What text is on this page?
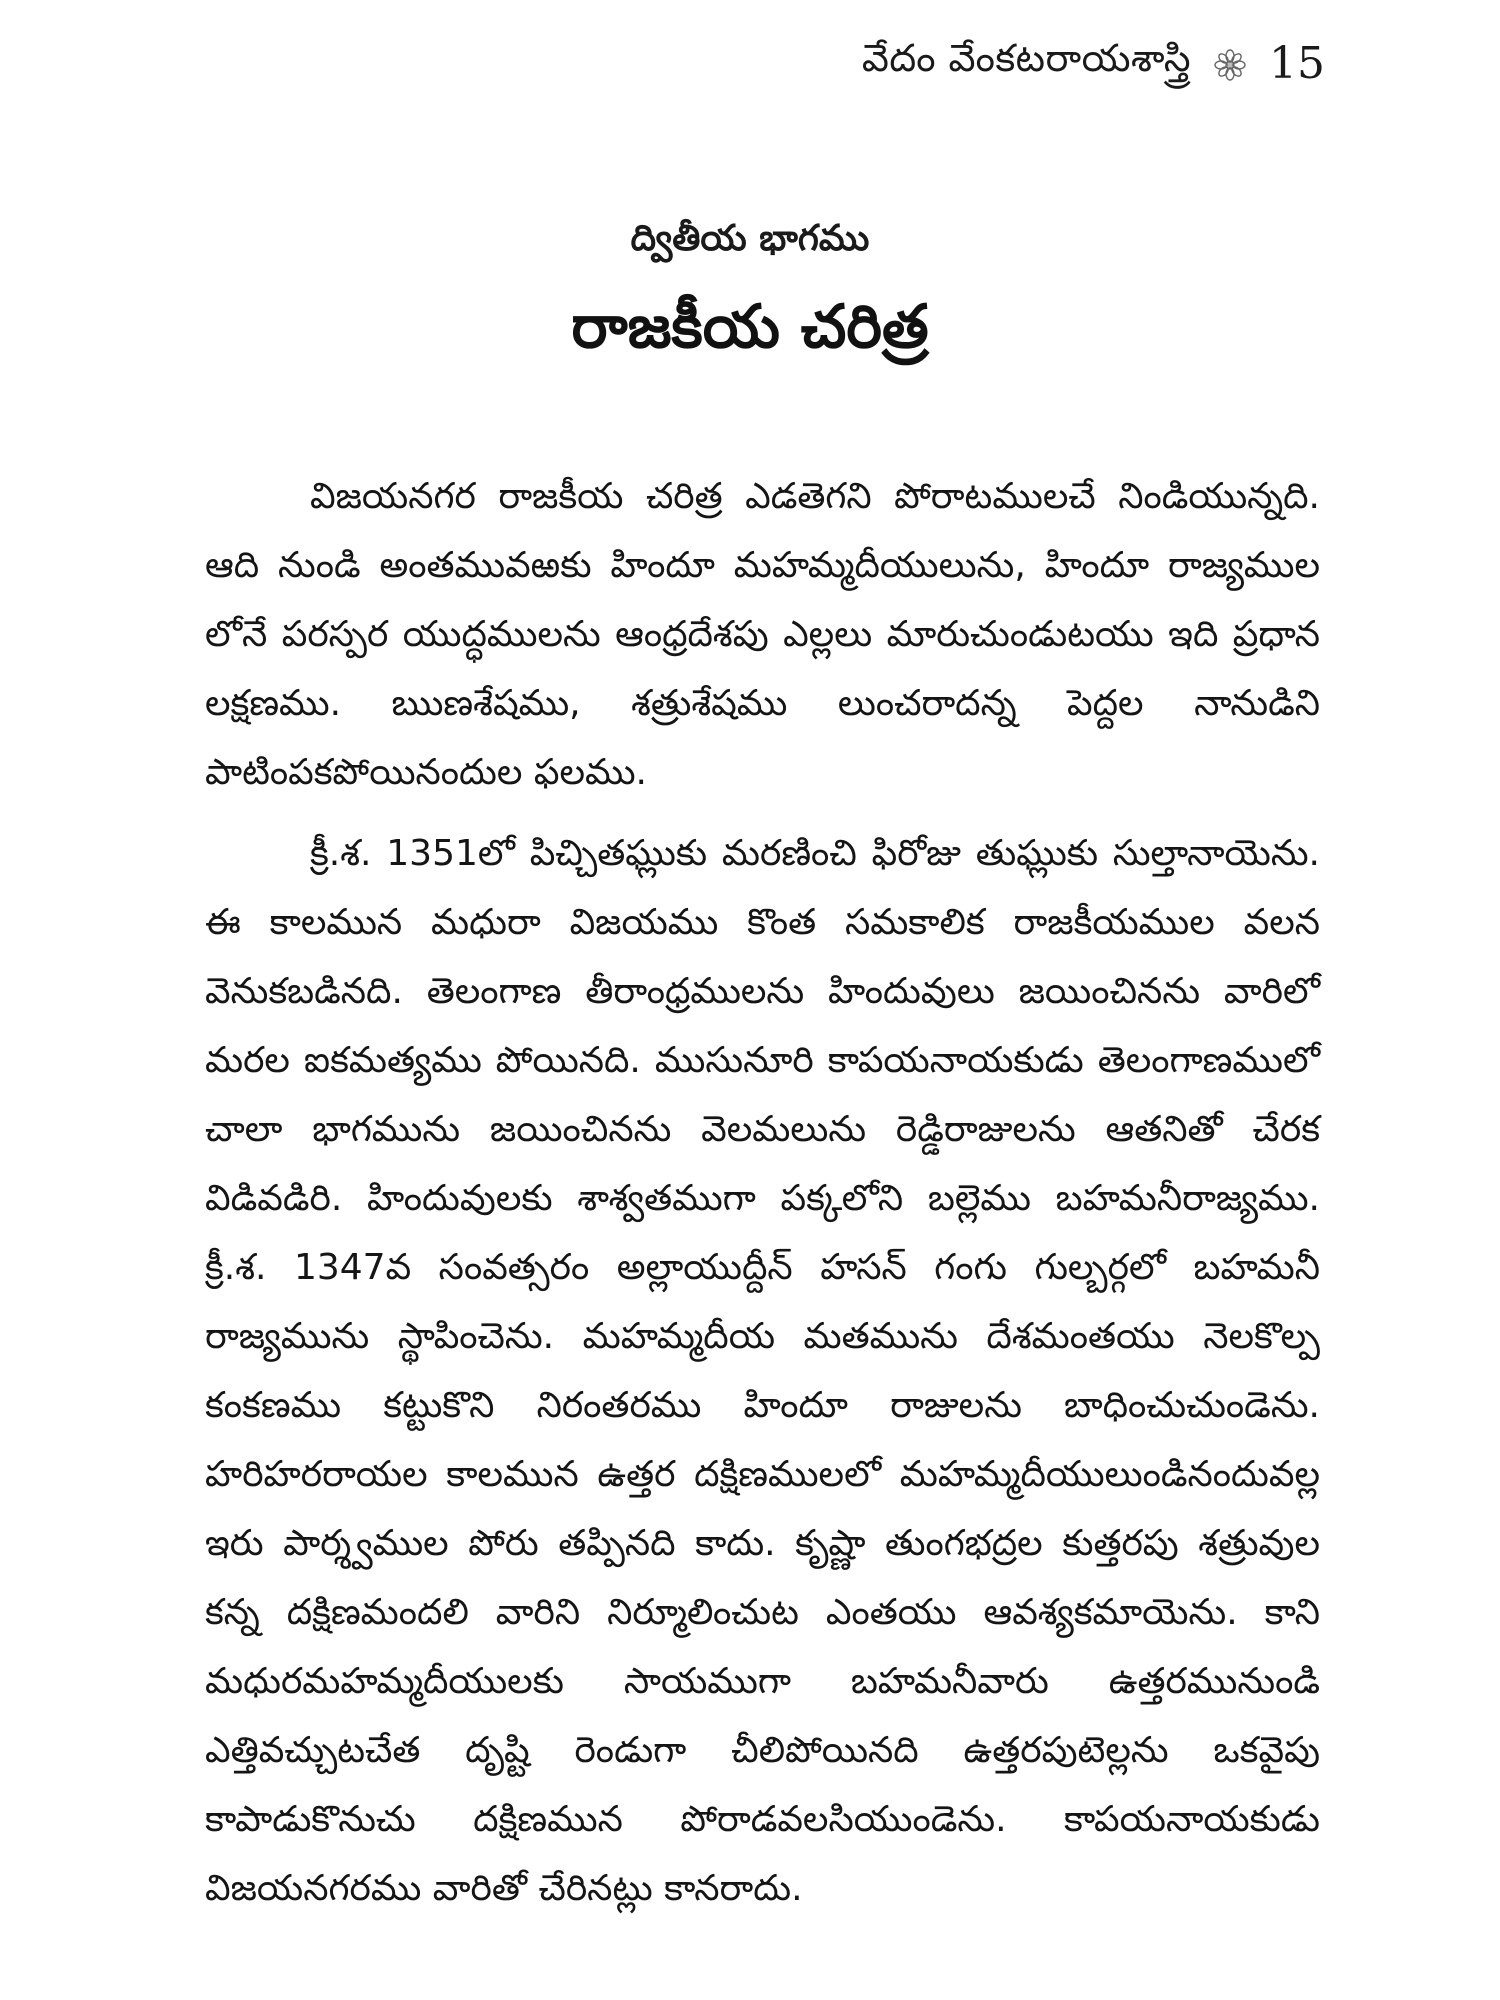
వేదం వేంకటరాయశాస్త్రి 15
ద్వితీయ భాగము
రాజకీయ చరిత్ర

విజయనగర రాజకీయ చరిత్ర ఎడతెగని పోరాటములచే నిండియున్నది. ఆది నుండి అంతమువఱకు హిందూ మహమ్మదీయులును, హిందూ రాజ్యముల లోనే పరస్పర యుద్ధములను ఆంధ్రదేశపు ఎల్లలు మారుచుండుటయు ఇది ప్రధాన లక్షణము. ఋణశేషము, శత్రుశేషము లుంచరాదన్న పెద్దల నానుడిని పాటింపకపోయినందుల ఫలము.

క్రీ.శ. 1351లో పిచ్చితఘ్లుకు మరణించి ఫిరోజు తుఘ్లుకు సుల్తానాయెను. ఈ కాలమున మధురా విజయము కొంత సమకాలిక రాజకీయముల వలన వెనుకబడినది. తెలంగాణ తీరాంధ్రములను హిందువులు జయించినను వారిలో మరల ఐకమత్యము పోయినది. ముసునూరి కాపయనాయకుడు తెలంగాణములో చాలా భాగమును జయించినను వెలమలును రెడ్డిరాజులను ఆతనితో చేరక విడివడిరి. హిందువులకు శాశ్వతముగా పక్కలోని బల్లెము బహమనీరాజ్యము. క్రీ.శ. 1347వ సంవత్సరం అల్లాయుద్దీన్ హసన్ గంగు గుల్బర్గలో బహమనీ రాజ్యమును స్థాపించెను. మహమ్మదీయ మతమును దేశమంతయు నెలకొల్ప కంకణము కట్టుకొని నిరంతరము హిందూ రాజులను బాధించుచుండెను. హరిహరరాయల కాలమున ఉత్తర దక్షిణములలో మహమ్మదీయులుండినందువల్ల ఇరు పార్శ్వముల పోరు తప్పినది కాదు. కృష్ణా తుంగభద్రల కుత్తరపు శత్రువుల కన్న దక్షిణమందలి వారిని నిర్మూలించుట ఎంతయు ఆవశ్యకమాయెను. కాని మధురమహమ్మదీయులకు సాయముగా బహమనీవారు ఉత్తరమునుండి ఎత్తివచ్చుటచేత దృష్టి రెండుగా చీలిపోయినది ఉత్తరపుటెల్లను ఒకవైపు కాపాడుకొనుచు దక్షిణమున పోరాడవలసియుండెను. కాపయనాయకుడు విజయనగరము వారితో చేరినట్లు కానరాదు.
